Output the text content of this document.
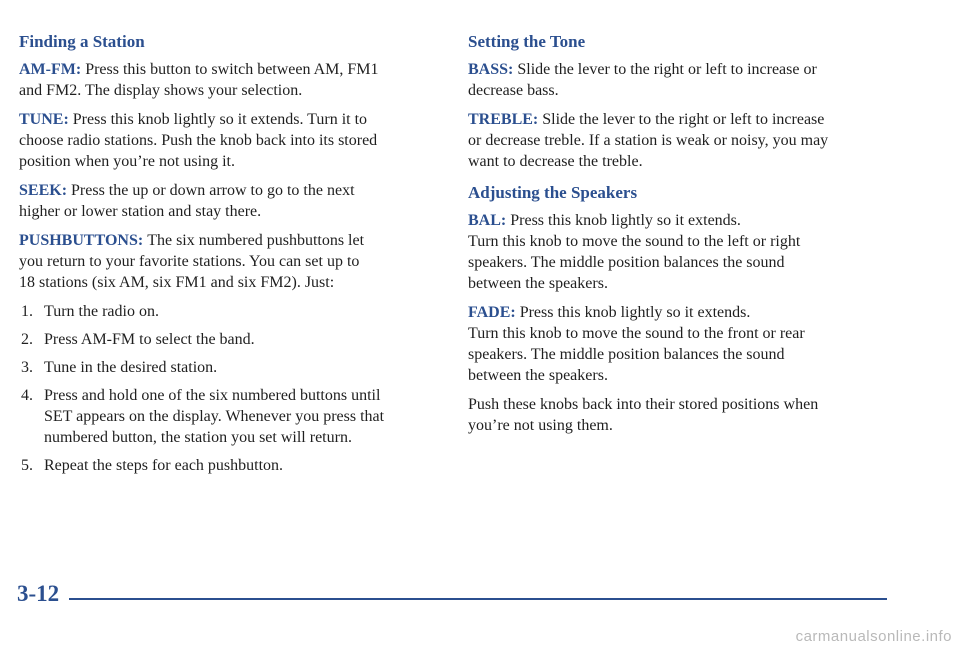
Finding a Station

AM-FM: Press this button to switch between AM, FM1
and FM2. The display shows your selection.

TUNE: Press this knob lightly so it extends. Turn it to
choose radio stations. Push the knob back into its stored
position when you’re not using it.

SEEK: Press the up or down arrow to go to the next
higher or lower station and stay there.

PUSHBUTTONS: The six numbered pushbuttons let
you return to your favorite stations. You can set up to
18 stations (six AM, six FM1 and six FM2). Just:

1. Turn the radio on.
2. Press AM-FM to select the band.
3. Tune in the desired station.
4. Press and hold one of the six numbered buttons until
SET appears on the display. Whenever you press that
numbered button, the station you set will return.
5. Repeat the steps for each pushbutton.
Setting the Tone

BASS: Slide the lever to the right or left to increase or
decrease bass.

TREBLE: Slide the lever to the right or left to increase
or decrease treble. If a station is weak or noisy, you may
want to decrease the treble.

Adjusting the Speakers

BAL: Press this knob lightly so it extends.
Turn this knob to move the sound to the left or right
speakers. The middle position balances the sound
between the speakers.

FADE: Press this knob lightly so it extends.
Turn this knob to move the sound to the front or rear
speakers. The middle position balances the sound
between the speakers.

Push these knobs back into their stored positions when
you’re not using them.

3-12
carmanualsonline.info
